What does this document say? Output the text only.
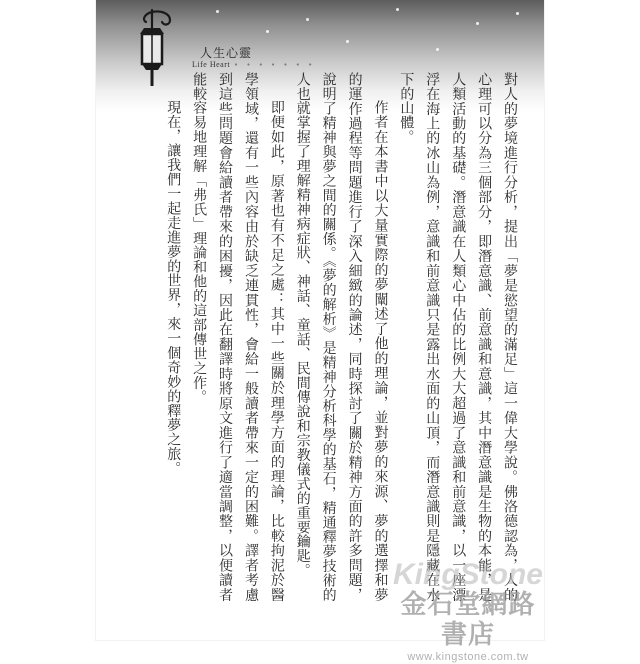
人生心靈
Life Heart • • • • • • •

對人的夢境進行分析，提出「夢是慾望的滿足」這一偉大學說。佛洛德認為，人的心理可以分為三個部分，即潛意識、前意識和意識，其中潛意識是生物的本能，是人類活動的基礎。潛意識在人類心中佔的比例大大超過了意識和前意識，以一座漂浮在海上的冰山為例，意識和前意識只是露出水面的山頂，而潛意識則是隱藏在水下的山體。

作者在本書中以大量實際的夢闡述了他的理論，並對夢的來源、夢的選擇和夢的運作過程等問題進行了深入細緻的論述，同時探討了關於精神方面的許多問題，說明了精神與夢之間的關係。《夢的解析》是精神分析科學的基石，精通釋夢技術的人也就掌握了理解精神病症狀、神話、童話、民間傳說和宗教儀式的重要鑰匙。

即便如此，原著也有不足之處：其中一些關於理學方面的理論，比較拘泥於醫學領域，還有一些內容由於缺乏連貫性，會給一般讀者帶來一定的困難。譯者考慮到這些問題會給讀者帶來的困擾，因此在翻譯時將原文進行了適當調整，以便讀者能較容易地理解「弗氏」理論和他的這部傳世之作。

現在，讓我們一起走進夢的世界，來一個奇妙的釋夢之旅。

KingStone
金石堂網路書店
www.kingstone.com.tw
